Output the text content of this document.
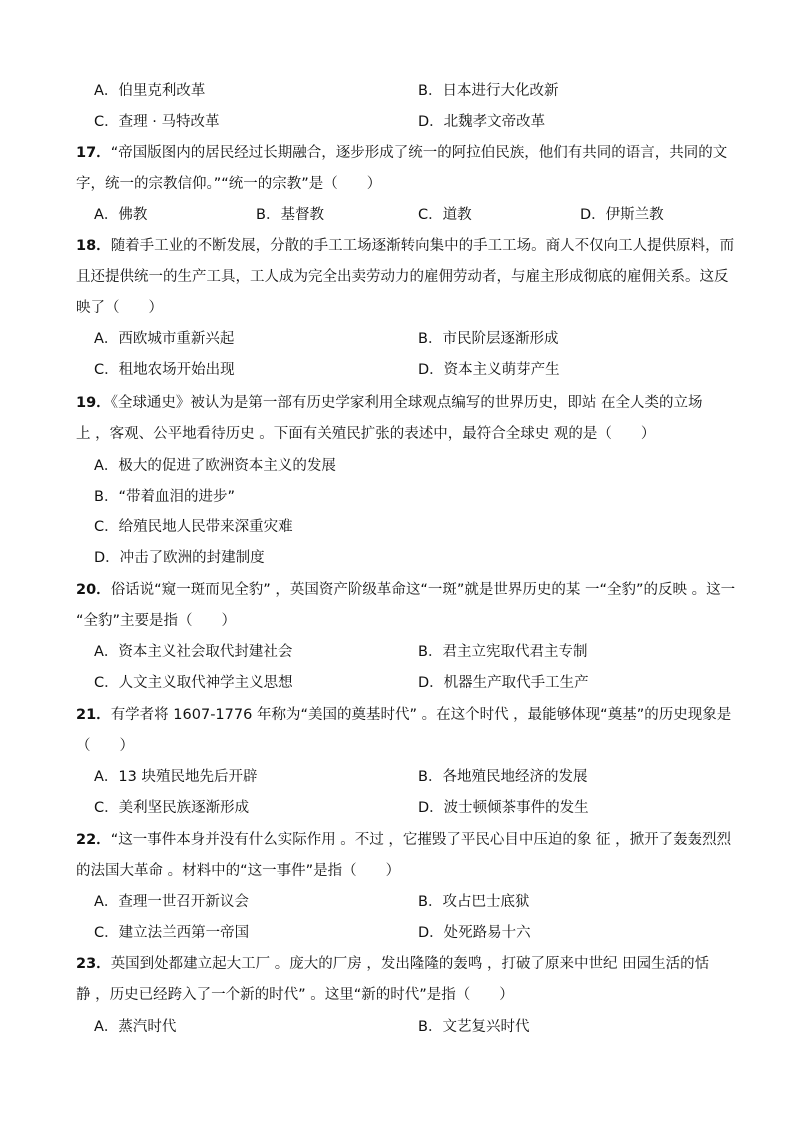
A．伯里克利改革	B．日本进行大化改新
C．查理 · 马特改革	D．北魏孝文帝改革
17．“帝国版图内的居民经过长期融合，逐步形成了统一的阿拉伯民族，他们有共同的语言，共同的文
字，统一的宗教信仰。”“统一的宗教”是（　　）
A．佛教	B．基督教	C．道教	D．伊斯兰教
18．随着手工业的不断发展，分散的手工工场逐渐转向集中的手工工场。商人不仅向工人提供原料，而
且还提供统一的生产工具，工人成为完全出卖劳动力的雇佣劳动者，与雇主形成彻底的雇佣关系。这反
映了（　　）
A．西欧城市重新兴起	B．市民阶层逐渐形成
C．租地农场开始出现	D．资本主义萌芽产生
19．《全球通史》被认为是第一部有历史学家利用全球观点编写的世界历史，即站 在全人类的立场
上 ，客观、公平地看待历史 。下面有关殖民扩张的表述中，最符合全球史 观的是（　　）
A．极大的促进了欧洲资本主义的发展
B．“带着血泪的进步”
C．给殖民地人民带来深重灾难
D．冲击了欧洲的封建制度
20．俗话说“窥一斑而见全豹” ，英国资产阶级革命这“一斑”就是世界历史的某 一“全豹”的反映 。这一
“全豹”主要是指（　　）
A．资本主义社会取代封建社会	B．君主立宪取代君主专制
C．人文主义取代神学主义思想	D．机器生产取代手工生产
21．有学者将 1607-1776 年称为“美国的奠基时代” 。在这个时代 ，最能够体现“奠基”的历史现象是
（　　）
A．13 块殖民地先后开辟	B．各地殖民地经济的发展
C．美利坚民族逐渐形成	D．波士顿倾茶事件的发生
22．“这一事件本身并没有什么实际作用 。不过 ，它摧毁了平民心目中压迫的象 征 ，掀开了轰轰烈烈
的法国大革命 。材料中的“这一事件”是指（　　）
A．查理一世召开新议会	B．攻占巴士底狱
C．建立法兰西第一帝国	D．处死路易十六
23．英国到处都建立起大工厂 。庞大的厂房 ，发出隆隆的轰鸣 ，打破了原来中世纪 田园生活的恬
静 ，历史已经跨入了一个新的时代” 。这里“新的时代”是指（　　）
A．蒸汽时代	B．文艺复兴时代
